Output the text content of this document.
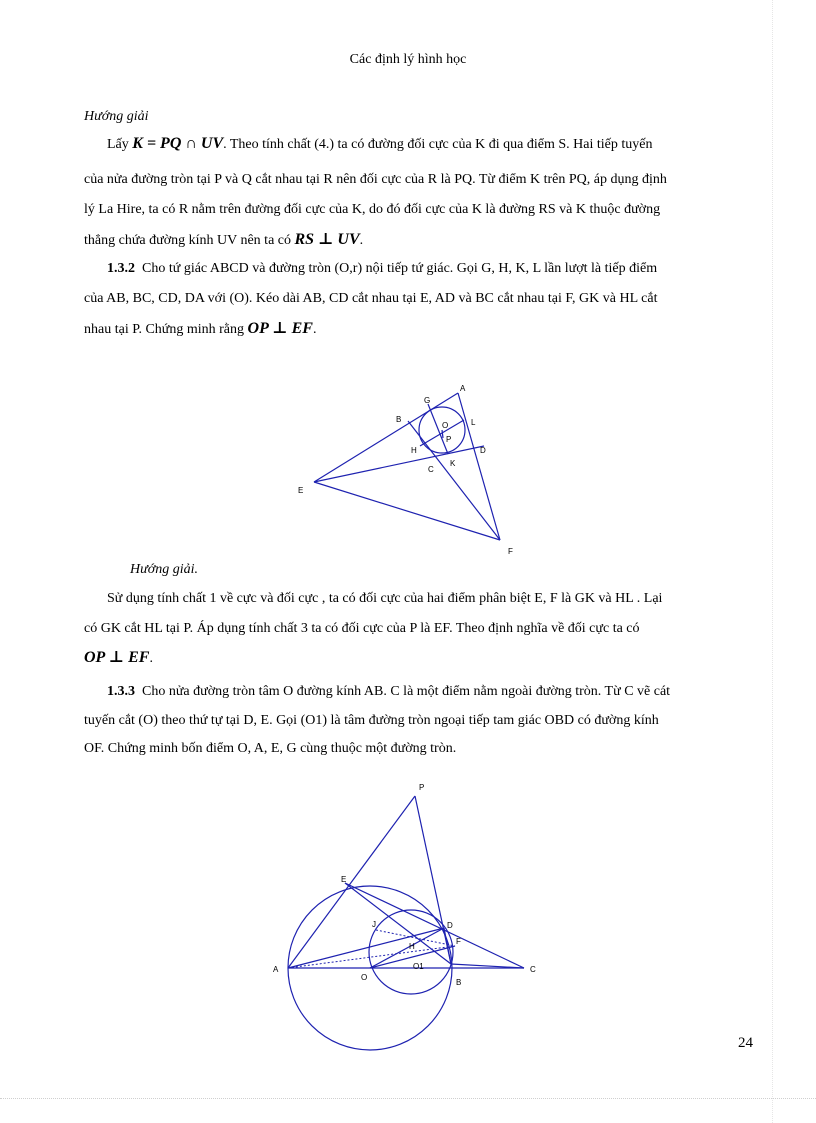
Các định lý hình học
Hướng giải
Lấy K = PQ ∩ UV. Theo tính chất (4.) ta có đường đối cực của K đi qua điểm S. Hai tiếp tuyến
của nửa đường tròn tại P và Q cắt nhau tại R nên đối cực của R là PQ. Từ điểm K trên PQ, áp dụng định
lý La Hire, ta có R nằm trên đường đối cực của K, do đó đối cực của K là đường RS và K thuộc đường
thẳng chứa đường kính UV nên ta có RS ⊥ UV.
1.3.2 Cho tứ giác ABCD và đường tròn (O,r) nội tiếp tứ giác. Gọi G, H, K, L lần lượt là tiếp điểm
của AB, BC, CD, DA với (O). Kéo dài AB, CD cắt nhau tại E, AD và BC cắt nhau tại F, GK và HL cắt
nhau tại P. Chứng minh rằng OP ⊥ EF.
A
B
G
O	L
P
H	D
C
K
E
F
Hướng giải.
Sử dụng tính chất 1 về cực và đối cực , ta có đối cực của hai điểm phân biệt E, F là GK và HL . Lại
có GK cắt HL tại P. Áp dụng tính chất 3 ta có đối cực của P là EF. Theo định nghĩa về đối cực ta có
OP ⊥ EF.
1.3.3 Cho nửa đường tròn tâm O đường kính AB. C là một điểm nằm ngoài đường tròn. Từ C vẽ cát
tuyến cắt (O) theo thứ tự tại D, E. Gọi (O1) là tâm đường tròn ngoại tiếp tam giác OBD có đường kính
OF. Chứng minh bốn điểm O, A, E, G cùng thuộc một đường tròn.
P
E
D
F
J
H
A
O
O1
B
C
24
